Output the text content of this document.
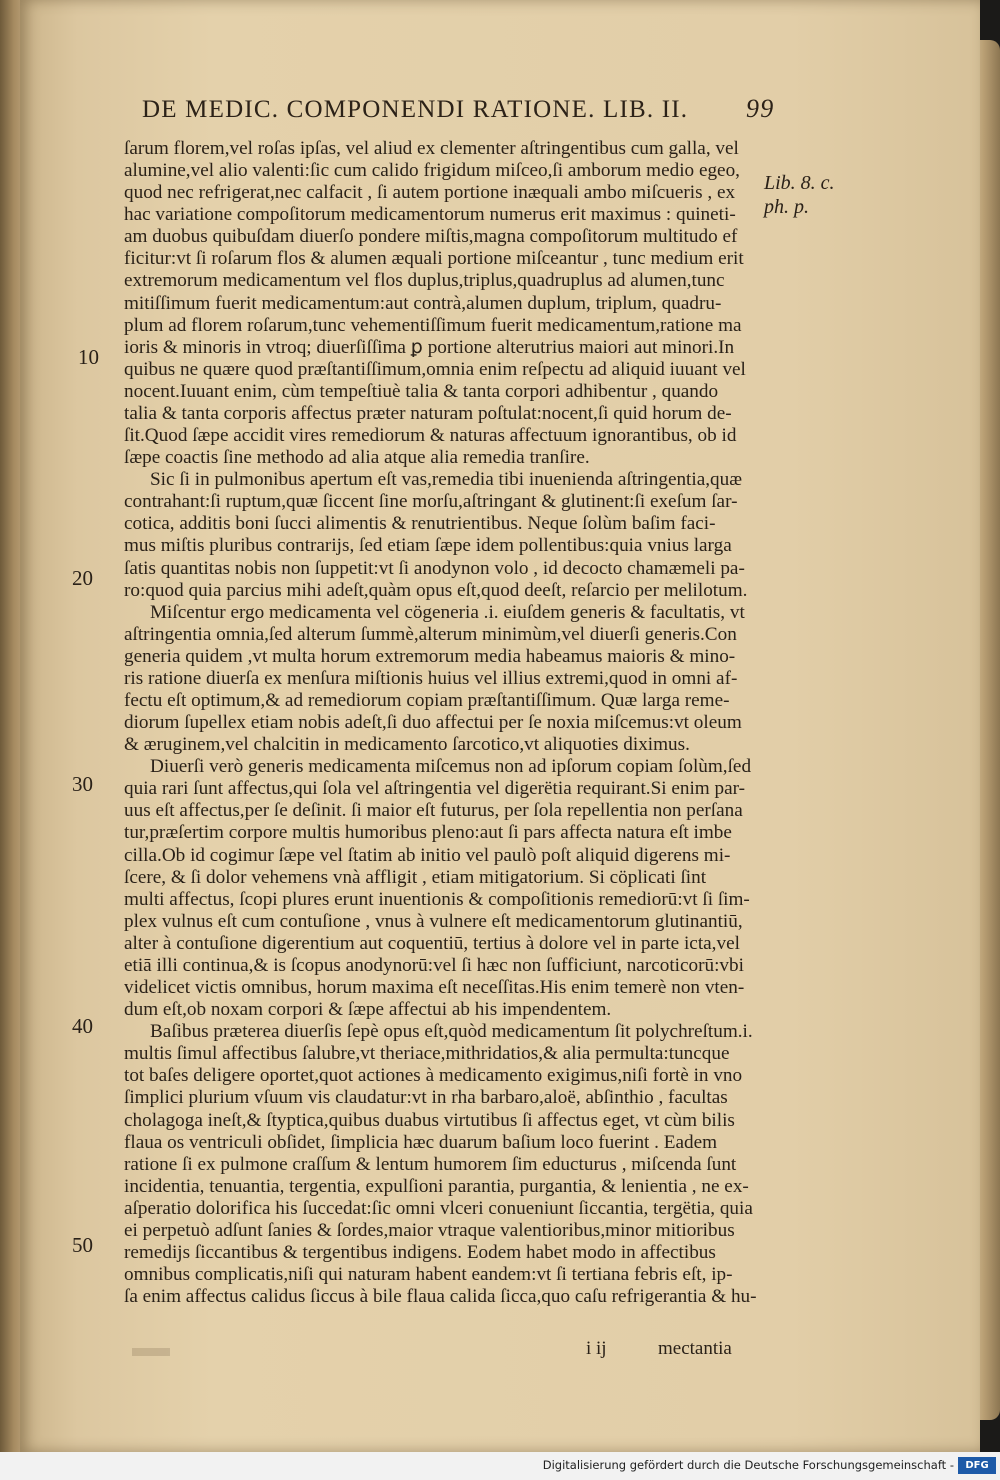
DE MEDIC. COMPONENDI RATIONE. LIB. II. 99
ſarum florem,vel roſas ipſas, vel aliud ex clementer aſtringentibus cum galla, vel
alumine,vel alio valenti:ſic cum calido frigidum miſceo,ſi amborum medio egeo,
quod nec refrigerat,nec calfacit , ſi autem portione inæquali ambo miſcueris , ex
hac variatione compoſitorum medicamentorum numerus erit maximus : quineti-
am duobus quibuſdam diuerſo pondere miſtis,magna compoſitorum multitudo ef
ficitur:vt ſi roſarum flos & alumen æquali portione miſceantur , tunc medium erit
extremorum medicamentum vel flos duplus,triplus,quadruplus ad alumen,tunc
mitiſſimum fuerit medicamentum:aut contrà,alumen duplum, triplum, quadru-
plum ad florem roſarum,tunc vehementiſſimum fuerit medicamentum,ratione ma
ioris & minoris in vtroq; diuerſiſſima ꝑ portione alterutrius maiori aut minori.In
quibus ne quære quod præſtantiſſimum,omnia enim reſpectu ad aliquid iuuant vel
nocent.Iuuant enim, cùm tempeſtiuè talia & tanta corpori adhibentur , quando
talia & tanta corporis affectus præter naturam poſtulat:nocent,ſi quid horum de-
ſit.Quod ſæpe accidit vires remediorum & naturas affectuum ignorantibus, ob id
ſæpe coactis ſine methodo ad alia atque alia remedia tranſire.
Sic ſi in pulmonibus apertum eſt vas,remedia tibi inuenienda aſtringentia,quæ
contrahant:ſi ruptum,quæ ſiccent ſine morſu,aſtringant & glutinent:ſi exeſum ſar-
cotica, additis boni ſucci alimentis & renutrientibus. Neque ſolùm baſim faci-
mus miſtis pluribus contrarijs, ſed etiam ſæpe idem pollentibus:quia vnius larga
ſatis quantitas nobis non ſuppetit:vt ſi anodynon volo , id decocto chamæmeli pa-
ro:quod quia parcius mihi adeſt,quàm opus eſt,quod deeſt, reſarcio per melilotum.
Miſcentur ergo medicamenta vel cögeneria .i. eiuſdem generis & facultatis, vt
aſtringentia omnia,ſed alterum ſummè,alterum minimùm,vel diuerſi generis.Con
generia quidem ,vt multa horum extremorum media habeamus maioris & mino-
ris ratione diuerſa ex menſura miſtionis huius vel illius extremi,quod in omni af-
fectu eſt optimum,& ad remediorum copiam præſtantiſſimum. Quæ larga reme-
diorum ſupellex etiam nobis adeſt,ſi duo affectui per ſe noxia miſcemus:vt oleum
& æruginem,vel chalcitin in medicamento ſarcotico,vt aliquoties diximus.
Diuerſi verò generis medicamenta miſcemus non ad ipſorum copiam ſolùm,ſed
quia rari ſunt affectus,qui ſola vel aſtringentia vel digerëtia requirant.Si enim par-
uus eſt affectus,per ſe deſinit. ſi maior eſt futurus, per ſola repellentia non perſana
tur,præſertim corpore multis humoribus pleno:aut ſi pars affecta natura eſt imbe
cilla.Ob id cogimur ſæpe vel ſtatim ab initio vel paulò poſt aliquid digerens mi-
ſcere, & ſi dolor vehemens vnà affligit , etiam mitigatorium. Si cöplicati ſint
multi affectus, ſcopi plures erunt inuentionis & compoſitionis remediorū:vt ſi ſim-
plex vulnus eſt cum contuſione , vnus à vulnere eſt medicamentorum glutinantiū,
alter à contuſione digerentium aut coquentiū, tertius à dolore vel in parte icta,vel
etiā illi continua,& is ſcopus anodynorū:vel ſi hæc non ſufficiunt, narcoticorū:vbi
videlicet victis omnibus, horum maxima eſt neceſſitas.His enim temerè non vten-
dum eſt,ob noxam corpori & ſæpe affectui ab his impendentem.
Baſibus præterea diuerſis ſepè opus eſt,quòd medicamentum ſit polychreſtum.i.
multis ſimul affectibus ſalubre,vt theriace,mithridatios,& alia permulta:tuncque
tot baſes deligere oportet,quot actiones à medicamento exigimus,niſi fortè in vno
ſimplici plurium vſuum vis claudatur:vt in rha barbaro,aloë, abſinthio , facultas
cholagoga ineſt,& ſtyptica,quibus duabus virtutibus ſi affectus eget, vt cùm bilis
flaua os ventriculi obſidet, ſimplicia hæc duarum baſium loco fuerint . Eadem
ratione ſi ex pulmone craſſum & lentum humorem ſim educturus , miſcenda ſunt
incidentia, tenuantia, tergentia, expulſioni parantia, purgantia, & lenientia , ne ex-
aſperatio dolorifica his ſuccedat:ſic omni vlceri conueniunt ſiccantia, tergëtia, quia
ei perpetuò adſunt ſanies & ſordes,maior vtraque valentioribus,minor mitioribus
remedijs ſiccantibus & tergentibus indigens. Eodem habet modo in affectibus
omnibus complicatis,niſi qui naturam habent eandem:vt ſi tertiana febris eſt, ip-
ſa enim affectus calidus ſiccus à bile flaua calida ſicca,quo caſu refrigerantia & hu-
10
20
30
40
50
Lib. 8. c.
ph. p.
i ij	mectantia
Digitalisierung gefördert durch die Deutsche Forschungsgemeinschaft -	DFG
